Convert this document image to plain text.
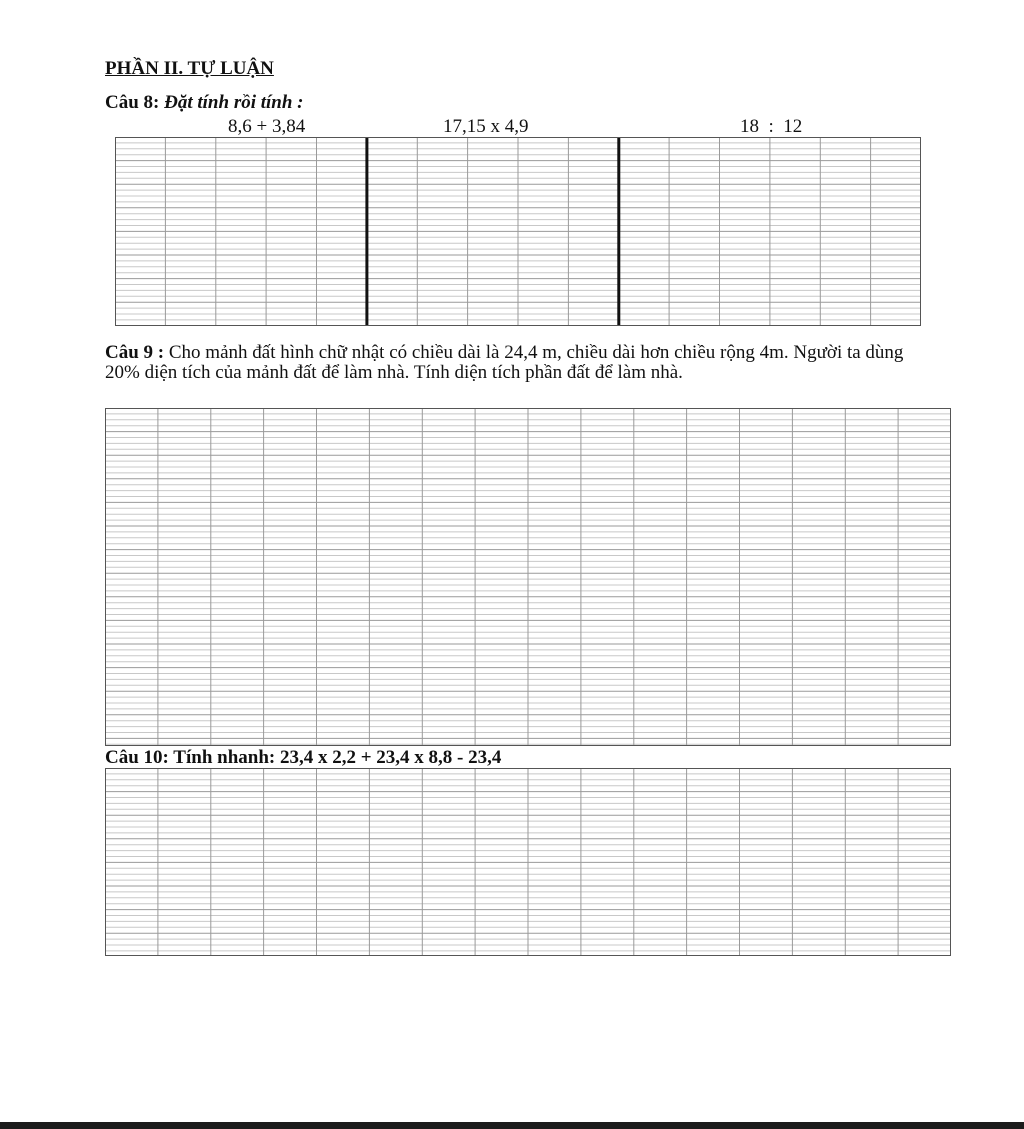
PHẦN II. TỰ LUẬN
Câu 8: Đặt tính rồi tính :
8,6 + 3,84	17,15 x 4,9	18  :  12
Câu 9 : Cho mảnh đất hình chữ nhật có chiều dài là 24,4 m, chiều dài hơn chiều rộng 4m. Người ta dùng 20% diện tích của mảnh đất để làm nhà. Tính diện tích phần đất để làm nhà.
Câu 10: Tính nhanh: 23,4 x 2,2 + 23,4 x 8,8 - 23,4
